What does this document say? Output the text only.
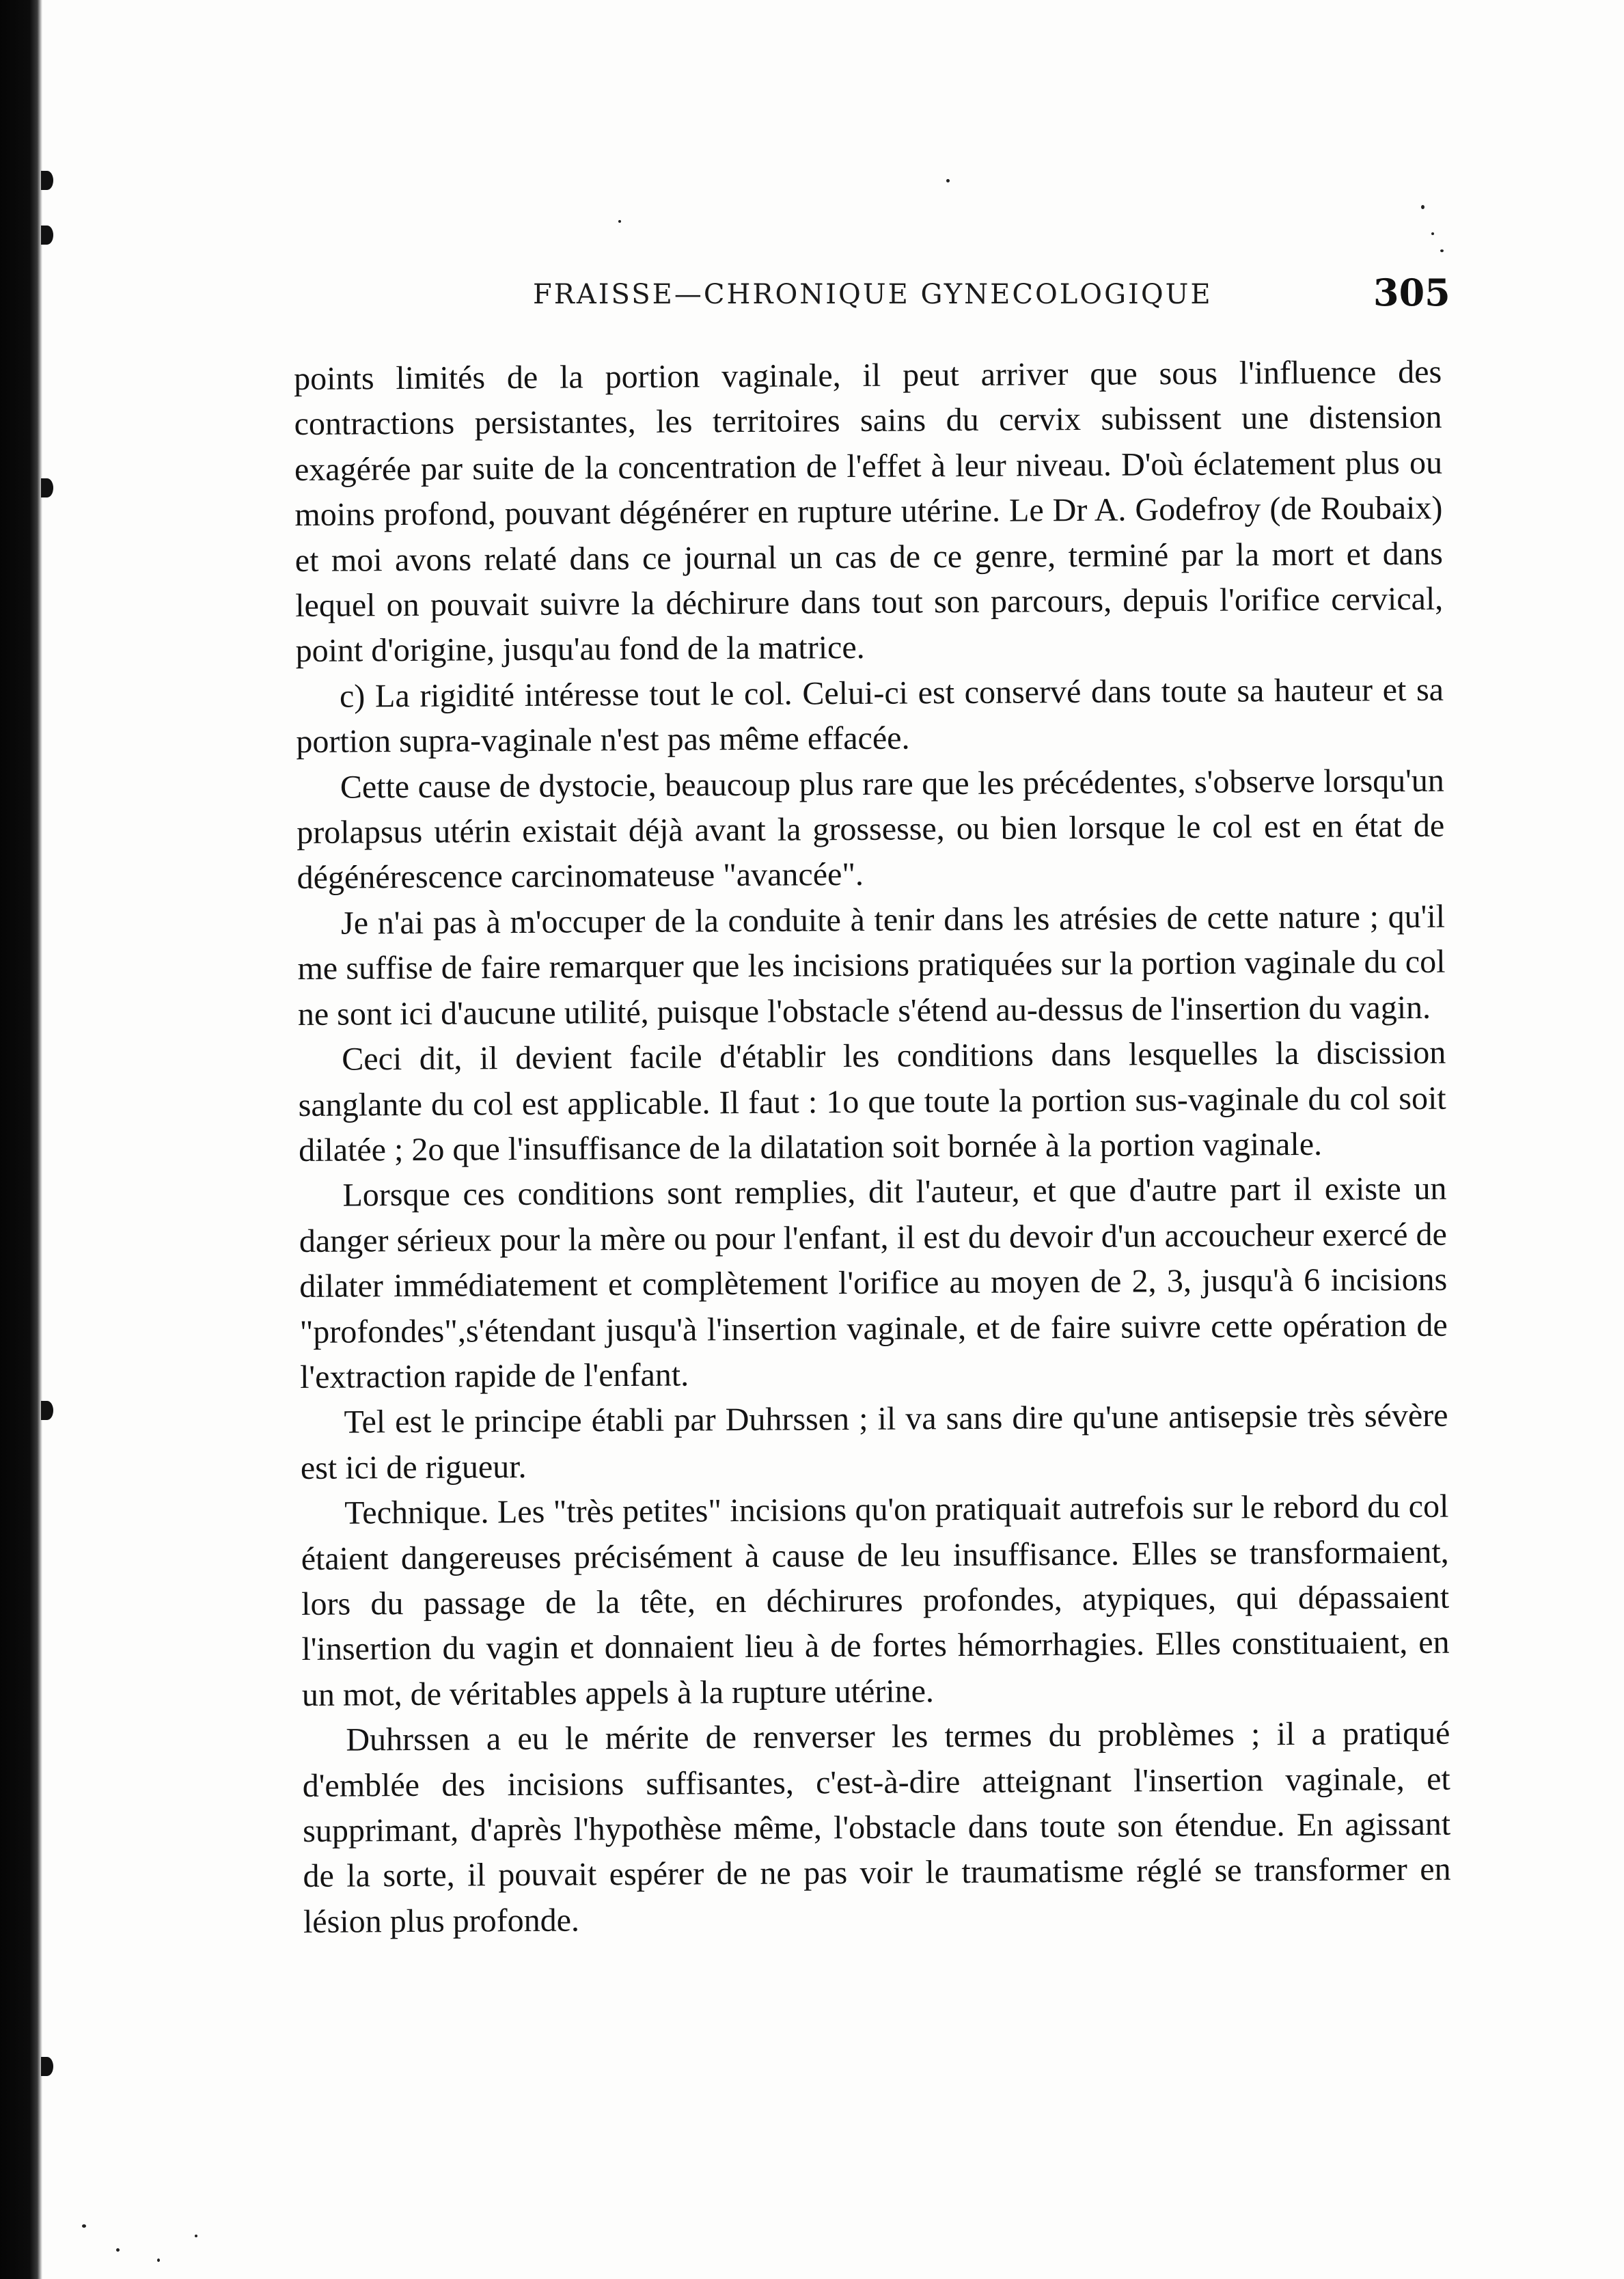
FRAISSE—CHRONIQUE GYNECOLOGIQUE	305

points limités de la portion vaginale, il peut arriver que sous l'influence des contractions persistantes, les territoires sains du cervix subissent une distension exagérée par suite de la concentration de l'effet à leur niveau. D'où éclatement plus ou moins profond, pouvant dégénérer en rupture utérine. Le Dr A. Godefroy (de Roubaix) et moi avons relaté dans ce journal un cas de ce genre, terminé par la mort et dans lequel on pouvait suivre la déchirure dans tout son parcours, depuis l'orifice cervical, point d'origine, jusqu'au fond de la matrice.

c) La rigidité intéresse tout le col. Celui-ci est conservé dans toute sa hauteur et sa portion supra-vaginale n'est pas même effacée.

Cette cause de dystocie, beaucoup plus rare que les précédentes, s'observe lorsqu'un prolapsus utérin existait déjà avant la grossesse, ou bien lorsque le col est en état de dégénérescence carcinomateuse "avancée".

Je n'ai pas à m'occuper de la conduite à tenir dans les atrésies de cette nature ; qu'il me suffise de faire remarquer que les incisions pratiquées sur la portion vaginale du col ne sont ici d'aucune utilité, puisque l'obstacle s'étend au-dessus de l'insertion du vagin.

Ceci dit, il devient facile d'établir les conditions dans lesquelles la discission sanglante du col est applicable. Il faut : 1o que toute la portion sus-vaginale du col soit dilatée ; 2o que l'insuffisance de la dilatation soit bornée à la portion vaginale.

Lorsque ces conditions sont remplies, dit l'auteur, et que d'autre part il existe un danger sérieux pour la mère ou pour l'enfant, il est du devoir d'un accoucheur exercé de dilater immédiatement et complètement l'orifice au moyen de 2, 3, jusqu'à 6 incisions "profondes",s'étendant jusqu'à l'insertion vaginale, et de faire suivre cette opération de l'extraction rapide de l'enfant.

Tel est le principe établi par Duhrssen ; il va sans dire qu'une antisepsie très sévère est ici de rigueur.

Technique. Les "très petites" incisions qu'on pratiquait autrefois sur le rebord du col étaient dangereuses précisément à cause de leu insuffisance. Elles se transformaient, lors du passage de la tête, en déchirures profondes, atypiques, qui dépassaient l'insertion du vagin et donnaient lieu à de fortes hémorrhagies. Elles constituaient, en un mot, de véritables appels à la rupture utérine.

Duhrssen a eu le mérite de renverser les termes du problèmes ; il a pratiqué d'emblée des incisions suffisantes, c'est-à-dire atteignant l'insertion vaginale, et supprimant, d'après l'hypothèse même, l'obstacle dans toute son étendue. En agissant de la sorte, il pouvait espérer de ne pas voir le traumatisme réglé se transformer en lésion plus profonde.
